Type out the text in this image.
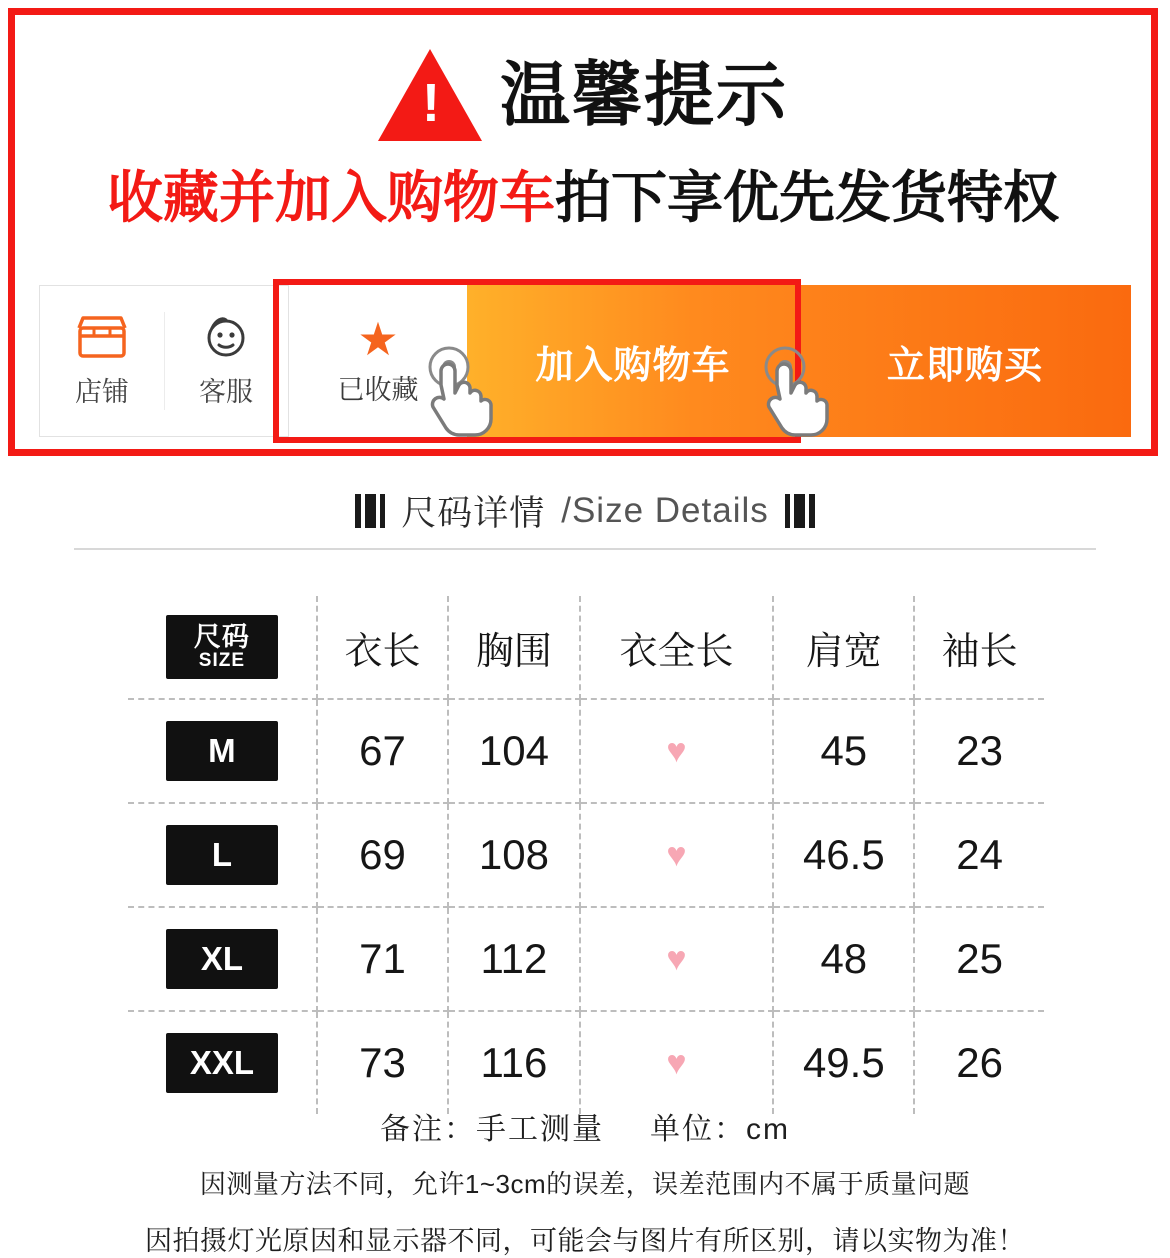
! 温馨提示
收藏并加入购物车拍下享优先发货特权
店铺	客服
★
已收藏
加入购物车	立即购买
尺码详情 /Size Details
尺码
SIZE	衣长	胸围	衣全长	肩宽	袖长
M	67	104	♥	45	23
L	69	108	♥	46.5	24
XL	71	112	♥	48	25
XXL	73	116	♥	49.5	26
备注：手工测量 单位：cm
因测量方法不同，允许1~3cm的误差，误差范围内不属于质量问题
因拍摄灯光原因和显示器不同，可能会与图片有所区别，请以实物为准！
